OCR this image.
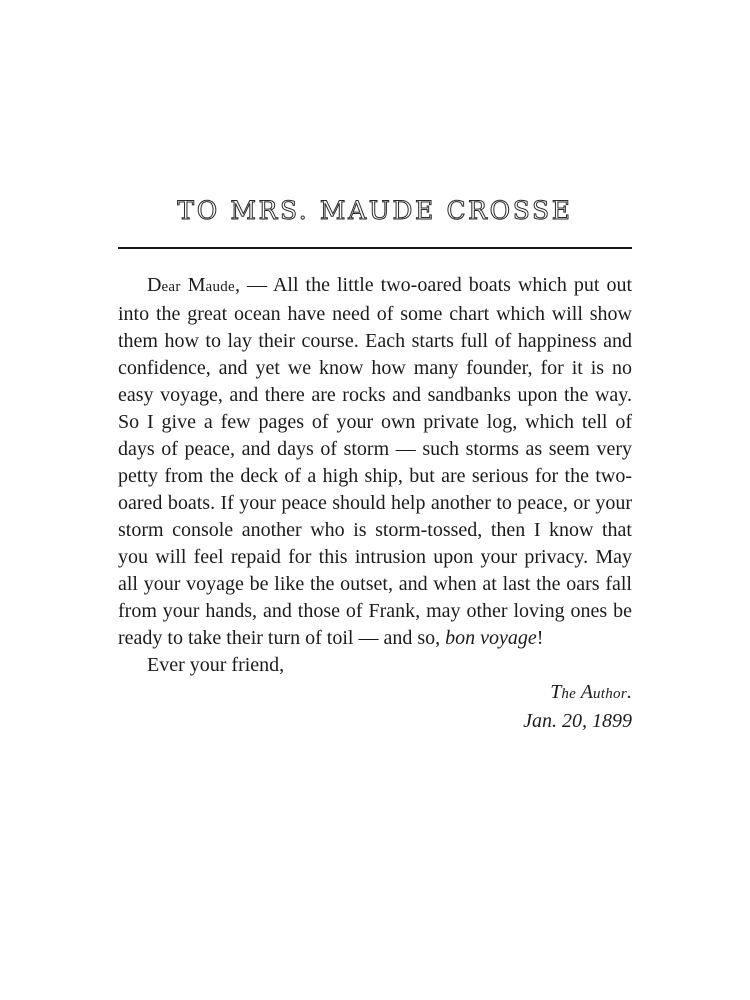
TO MRS. MAUDE CROSSE

Dear Maude, — All the little two-oared boats which put out into the great ocean have need of some chart which will show them how to lay their course. Each starts full of happiness and confidence, and yet we know how many founder, for it is no easy voyage, and there are rocks and sandbanks upon the way. So I give a few pages of your own private log, which tell of days of peace, and days of storm — such storms as seem very petty from the deck of a high ship, but are serious for the two-oared boats. If your peace should help another to peace, or your storm console another who is storm-tossed, then I know that you will feel repaid for this intrusion upon your privacy. May all your voyage be like the outset, and when at last the oars fall from your hands, and those of Frank, may other loving ones be ready to take their turn of toil — and so, bon voyage!

Ever your friend,

The Author.

Jan. 20, 1899
